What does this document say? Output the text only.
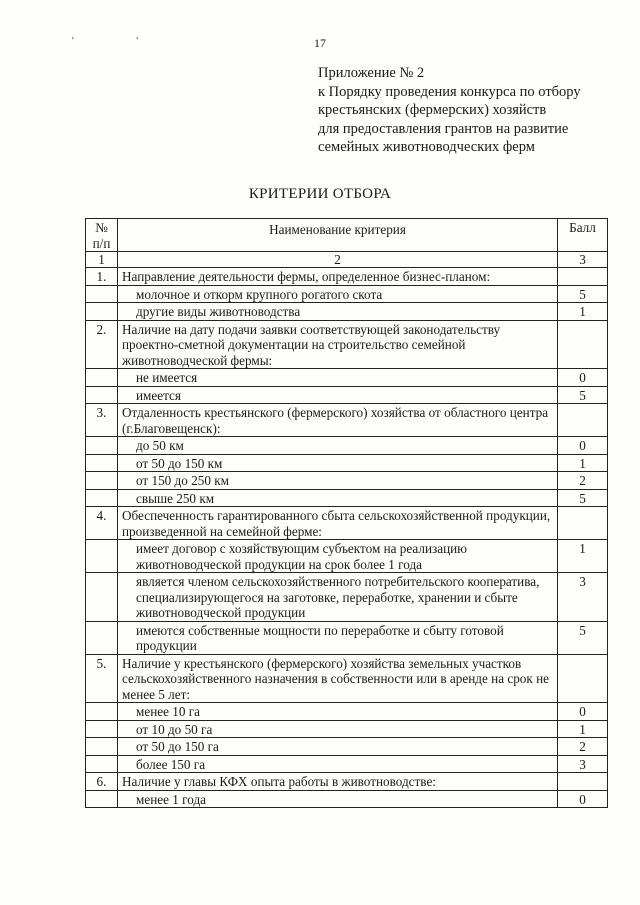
' '	17
Приложение № 2
к Порядку проведения конкурса по отбору
крестьянских (фермерских) хозяйств
для предоставления грантов на развитие
семейных животноводческих ферм
КРИТЕРИИ ОТБОРА
№ п/п	Наименование критерия	Балл
1	2	3
1.	Направление деятельности фермы, определенное бизнес-планом:	
	молочное и откорм крупного рогатого скота	5
	другие виды животноводства	1
2.	Наличие на дату подачи заявки соответствующей законодательству проектно-сметной документации на строительство семейной животноводческой фермы:	
	не имеется	0
	имеется	5
3.	Отдаленность крестьянского (фермерского) хозяйства от областного центра (г.Благовещенск):	
	до 50 км	0
	от 50 до 150 км	1
	от 150 до 250 км	2
	свыше 250 км	5
4.	Обеспеченность гарантированного сбыта сельскохозяйственной продукции, произведенной на семейной ферме:	
	имеет договор с хозяйствующим субъектом на реализацию животноводческой продукции на срок более 1 года	1
	является членом сельскохозяйственного потребительского кооператива, специализирующегося на заготовке, переработке, хранении и сбыте животноводческой продукции	3
	имеются собственные мощности по переработке и сбыту готовой продукции	5
5.	Наличие у крестьянского (фермерского) хозяйства земельных участков сельскохозяйственного назначения в собственности или в аренде на срок не менее 5 лет:	
	менее 10 га	0
	от 10 до 50 га	1
	от 50 до 150 га	2
	более 150 га	3
6.	Наличие у главы КФХ опыта работы в животноводстве:	
	менее 1 года	0
